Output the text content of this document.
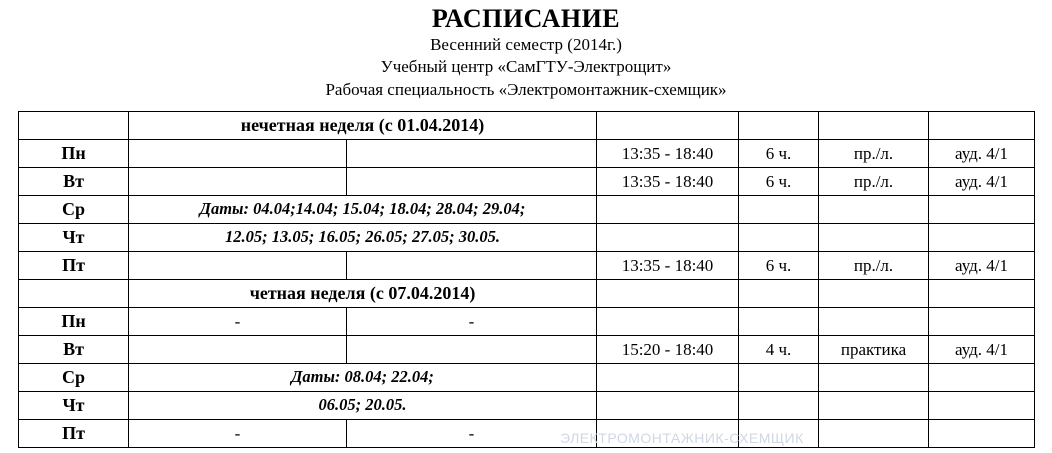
РАСПИСАНИЕ
Весенний семестр (2014г.)
Учебный центр «СамГТУ-Электрощит»
Рабочая специальность «Электромонтажник-схемщик»
	нечетная неделя (с 01.04.2014)					
Пн			13:35 - 18:40	6 ч.	пр./л.	ауд. 4/1
Вт			13:35 - 18:40	6 ч.	пр./л.	ауд. 4/1
Ср	Даты: 04.04;14.04; 15.04; 18.04; 28.04; 29.04;					
Чт	12.05; 13.05; 16.05; 26.05; 27.05; 30.05.					
Пт			13:35 - 18:40	6 ч.	пр./л.	ауд. 4/1
	четная неделя (с 07.04.2014)					
Пн	-	-				
Вт			15:20 - 18:40	4 ч.	практика	ауд. 4/1
Ср	Даты: 08.04; 22.04;					
Чт	06.05; 20.05.					
Пт	-	-					ЭЛЕКТРОМОНТАЖНИК-СХЕМЩИК
